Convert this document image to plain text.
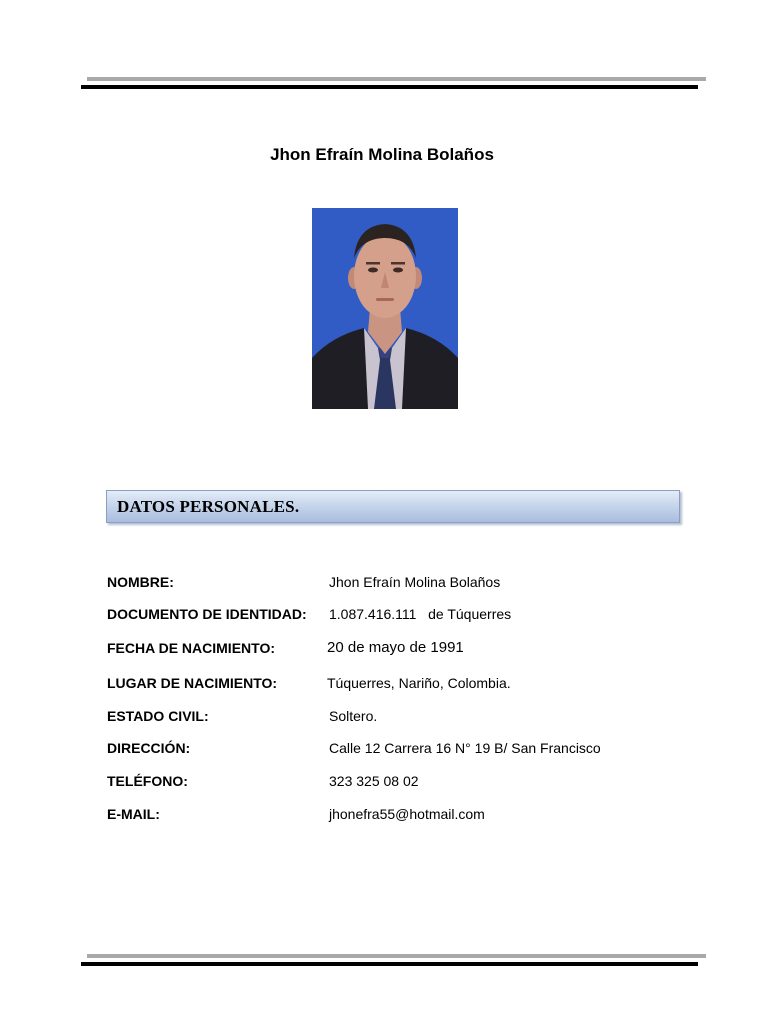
Jhon Efraín Molina Bolaños
DATOS PERSONALES.
NOMBRE:	Jhon Efraín Molina Bolaños
DOCUMENTO DE IDENTIDAD: 1.087.416.111   de Túquerres
FECHA DE NACIMIENTO:	20 de mayo de 1991
LUGAR DE NACIMIENTO:	Túquerres, Nariño, Colombia.
ESTADO CIVIL:	Soltero.
DIRECCIÓN:	Calle 12 Carrera 16 N° 19 B/ San Francisco
TELÉFONO:	323 325 08 02
E-MAIL:	jhonefra55@hotmail.com
